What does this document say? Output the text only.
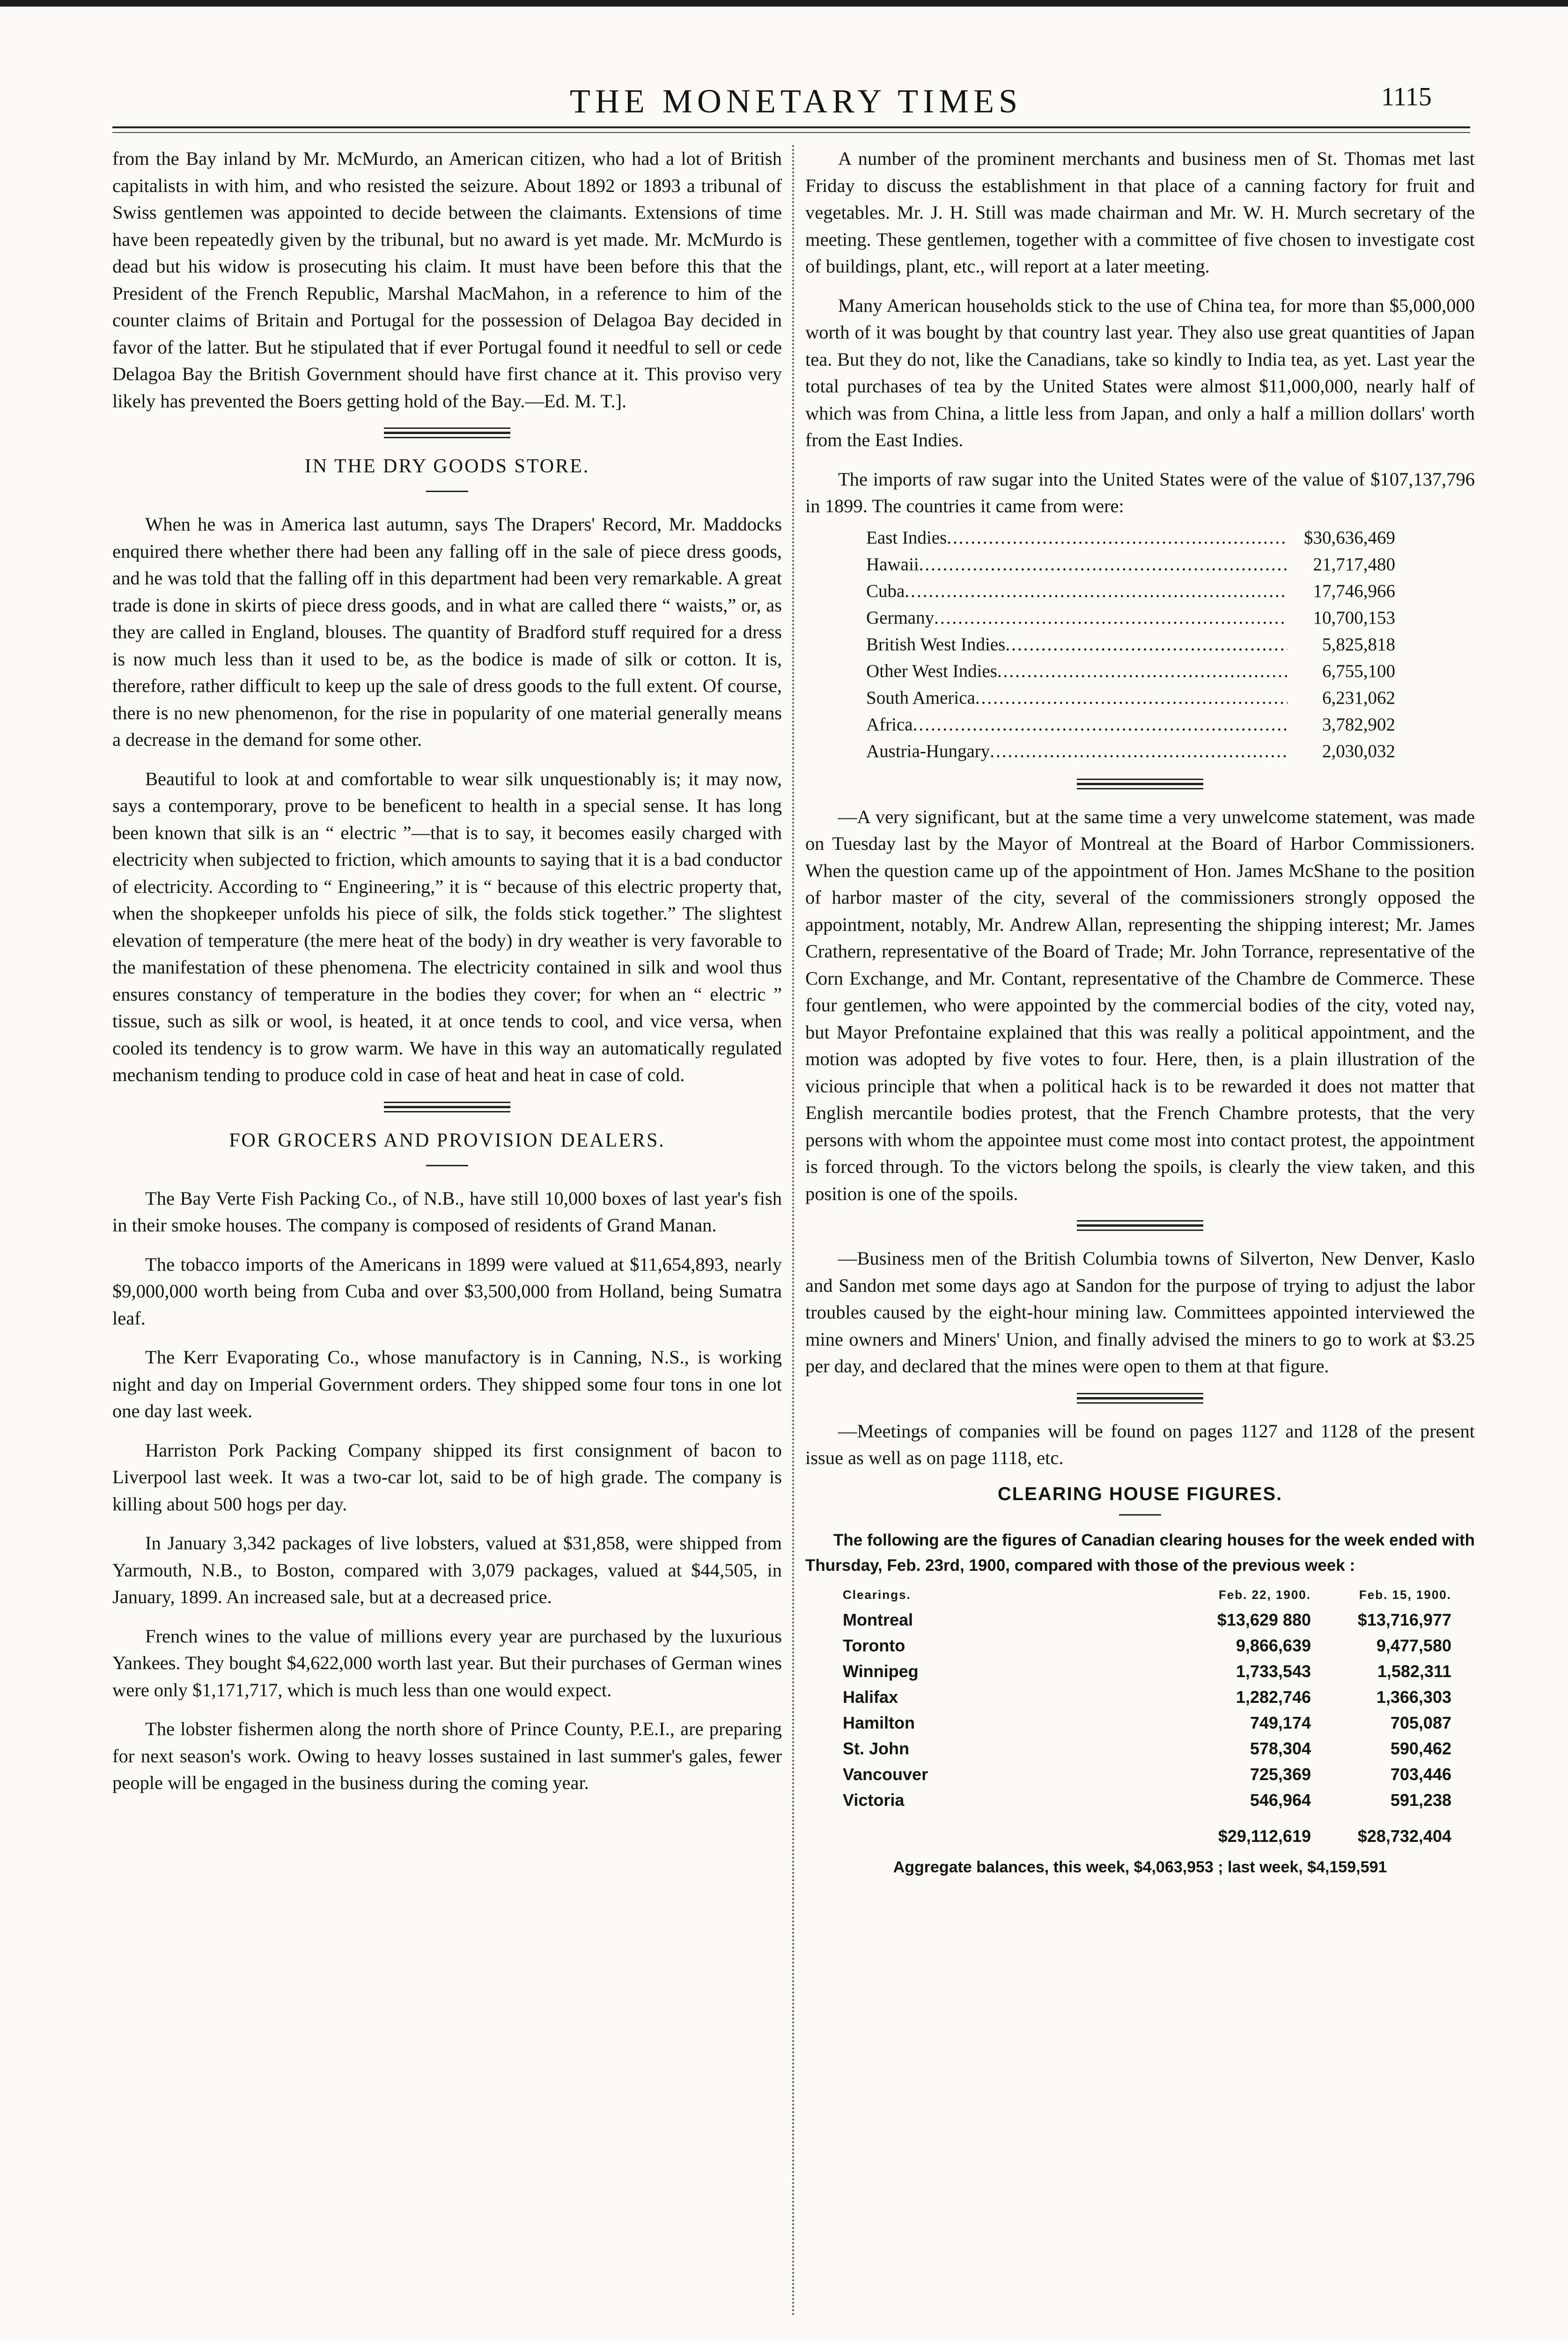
THE MONETARY TIMES	1115

from the Bay inland by Mr. McMurdo, an American citizen, who had a lot of British capitalists in with him, and who resisted the seizure. About 1892 or 1893 a tribunal of Swiss gentlemen was appointed to decide between the claimants. Extensions of time have been repeatedly given by the tribunal, but no award is yet made. Mr. McMurdo is dead but his widow is prosecuting his claim. It must have been before this that the President of the French Republic, Marshal MacMahon, in a reference to him of the counter claims of Britain and Portugal for the possession of Delagoa Bay decided in favor of the latter. But he stipulated that if ever Portugal found it needful to sell or cede Delagoa Bay the British Government should have first chance at it. This proviso very likely has prevented the Boers getting hold of the Bay.—Ed. M. T.].

IN THE DRY GOODS STORE.

When he was in America last autumn, says The Drapers' Record, Mr. Maddocks enquired there whether there had been any falling off in the sale of piece dress goods, and he was told that the falling off in this department had been very remarkable. A great trade is done in skirts of piece dress goods, and in what are called there “ waists,” or, as they are called in England, blouses. The quantity of Bradford stuff required for a dress is now much less than it used to be, as the bodice is made of silk or cotton. It is, therefore, rather difficult to keep up the sale of dress goods to the full extent. Of course, there is no new phenomenon, for the rise in popularity of one material generally means a decrease in the demand for some other.

Beautiful to look at and comfortable to wear silk unquestionably is; it may now, says a contemporary, prove to be beneficent to health in a special sense. It has long been known that silk is an “ electric ”—that is to say, it becomes easily charged with electricity when subjected to friction, which amounts to saying that it is a bad conductor of electricity. According to “ Engineering,” it is “ because of this electric property that, when the shopkeeper unfolds his piece of silk, the folds stick together.” The slightest elevation of temperature (the mere heat of the body) in dry weather is very favorable to the manifestation of these phenomena. The electricity contained in silk and wool thus ensures constancy of temperature in the bodies they cover; for when an “ electric ” tissue, such as silk or wool, is heated, it at once tends to cool, and vice versa, when cooled its tendency is to grow warm. We have in this way an automatically regulated mechanism tending to produce cold in case of heat and heat in case of cold.

FOR GROCERS AND PROVISION DEALERS.

The Bay Verte Fish Packing Co., of N.B., have still 10,000 boxes of last year's fish in their smoke houses. The company is composed of residents of Grand Manan.

The tobacco imports of the Americans in 1899 were valued at $11,654,893, nearly $9,000,000 worth being from Cuba and over $3,500,000 from Holland, being Sumatra leaf.

The Kerr Evaporating Co., whose manufactory is in Canning, N.S., is working night and day on Imperial Government orders. They shipped some four tons in one lot one day last week.

Harriston Pork Packing Company shipped its first consignment of bacon to Liverpool last week. It was a two-car lot, said to be of high grade. The company is killing about 500 hogs per day.

In January 3,342 packages of live lobsters, valued at $31,858, were shipped from Yarmouth, N.B., to Boston, compared with 3,079 packages, valued at $44,505, in January, 1899. An increased sale, but at a decreased price.

French wines to the value of millions every year are purchased by the luxurious Yankees. They bought $4,622,000 worth last year. But their purchases of German wines were only $1,171,717, which is much less than one would expect.

The lobster fishermen along the north shore of Prince County, P.E.I., are preparing for next season's work. Owing to heavy losses sustained in last summer's gales, fewer people will be engaged in the business during the coming year.

A number of the prominent merchants and business men of St. Thomas met last Friday to discuss the establishment in that place of a canning factory for fruit and vegetables. Mr. J. H. Still was made chairman and Mr. W. H. Murch secretary of the meeting. These gentlemen, together with a committee of five chosen to investigate cost of buildings, plant, etc., will report at a later meeting.

Many American households stick to the use of China tea, for more than $5,000,000 worth of it was bought by that country last year. They also use great quantities of Japan tea. But they do not, like the Canadians, take so kindly to India tea, as yet. Last year the total purchases of tea by the United States were almost $11,000,000, nearly half of which was from China, a little less from Japan, and only a half a million dollars' worth from the East Indies.

The imports of raw sugar into the United States were of the value of $107,137,796 in 1899. The countries it came from were:

East Indies .....	$30,636,469
Hawaii .....	21,717,480
Cuba .....	17,746,966
Germany .....	10,700,153
British West Indies .....	5,825,818
Other West Indies .....	6,755,100
South America .....	6,231,062
Africa .....	3,782,902
Austria-Hungary .....	2,030,032

—A very significant, but at the same time a very unwelcome statement, was made on Tuesday last by the Mayor of Montreal at the Board of Harbor Commissioners. When the question came up of the appointment of Hon. James McShane to the position of harbor master of the city, several of the commissioners strongly opposed the appointment, notably, Mr. Andrew Allan, representing the shipping interest; Mr. James Crathern, representative of the Board of Trade; Mr. John Torrance, representative of the Corn Exchange, and Mr. Contant, representative of the Chambre de Commerce. These four gentlemen, who were appointed by the commercial bodies of the city, voted nay, but Mayor Prefontaine explained that this was really a political appointment, and the motion was adopted by five votes to four. Here, then, is a plain illustration of the vicious principle that when a political hack is to be rewarded it does not matter that English mercantile bodies protest, that the French Chambre protests, that the very persons with whom the appointee must come most into contact protest, the appointment is forced through. To the victors belong the spoils, is clearly the view taken, and this position is one of the spoils.

—Business men of the British Columbia towns of Silverton, New Denver, Kaslo and Sandon met some days ago at Sandon for the purpose of trying to adjust the labor troubles caused by the eight-hour mining law. Committees appointed interviewed the mine owners and Miners' Union, and finally advised the miners to go to work at $3.25 per day, and declared that the mines were open to them at that figure.

—Meetings of companies will be found on pages 1127 and 1128 of the present issue as well as on page 1118, etc.

CLEARING HOUSE FIGURES.

The following are the figures of Canadian clearing houses for the week ended with Thursday, Feb. 23rd, 1900, compared with those of the previous week :

Clearings.	Feb. 22, 1900.	Feb. 15, 1900.
Montreal	$13,629 880	$13,716,977
Toronto	9,866,639	9,477,580
Winnipeg	1,733,543	1,582,311
Halifax	1,282,746	1,366,303
Hamilton	749,174	705,087
St. John	578,304	590,462
Vancouver	725,369	703,446
Victoria	546,964	591,238
	$29,112,619	$28,732,404
Aggregate balances, this week, $4,063,953 ; last week, $4,159,591
